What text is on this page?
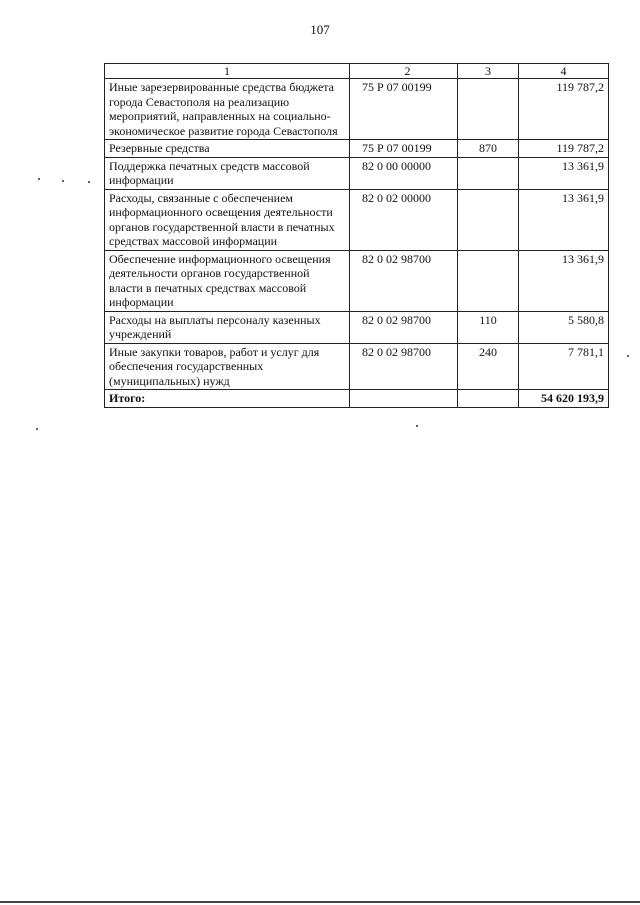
107
1	2	3	4
Иные зарезервированные средства бюджета города Севастополя на реализацию мероприятий, направленных на социально-экономическое развитие города Севастополя	75 Р 07 00199		119 787,2
Резервные средства	75 Р 07 00199	870	119 787,2
Поддержка печатных средств массовой информации	82 0 00 00000		13 361,9
Расходы, связанные с обеспечением информационного освещения деятельности органов государственной власти в печатных средствах массовой информации	82 0 02 00000		13 361,9
Обеспечение информационного освещения деятельности органов государственной власти в печатных средствах массовой информации	82 0 02 98700		13 361,9
Расходы на выплаты персоналу казенных учреждений	82 0 02 98700	110	5 580,8
Иные закупки товаров, работ и услуг для обеспечения государственных (муниципальных) нужд	82 0 02 98700	240	7 781,1
Итого:			54 620 193,9
